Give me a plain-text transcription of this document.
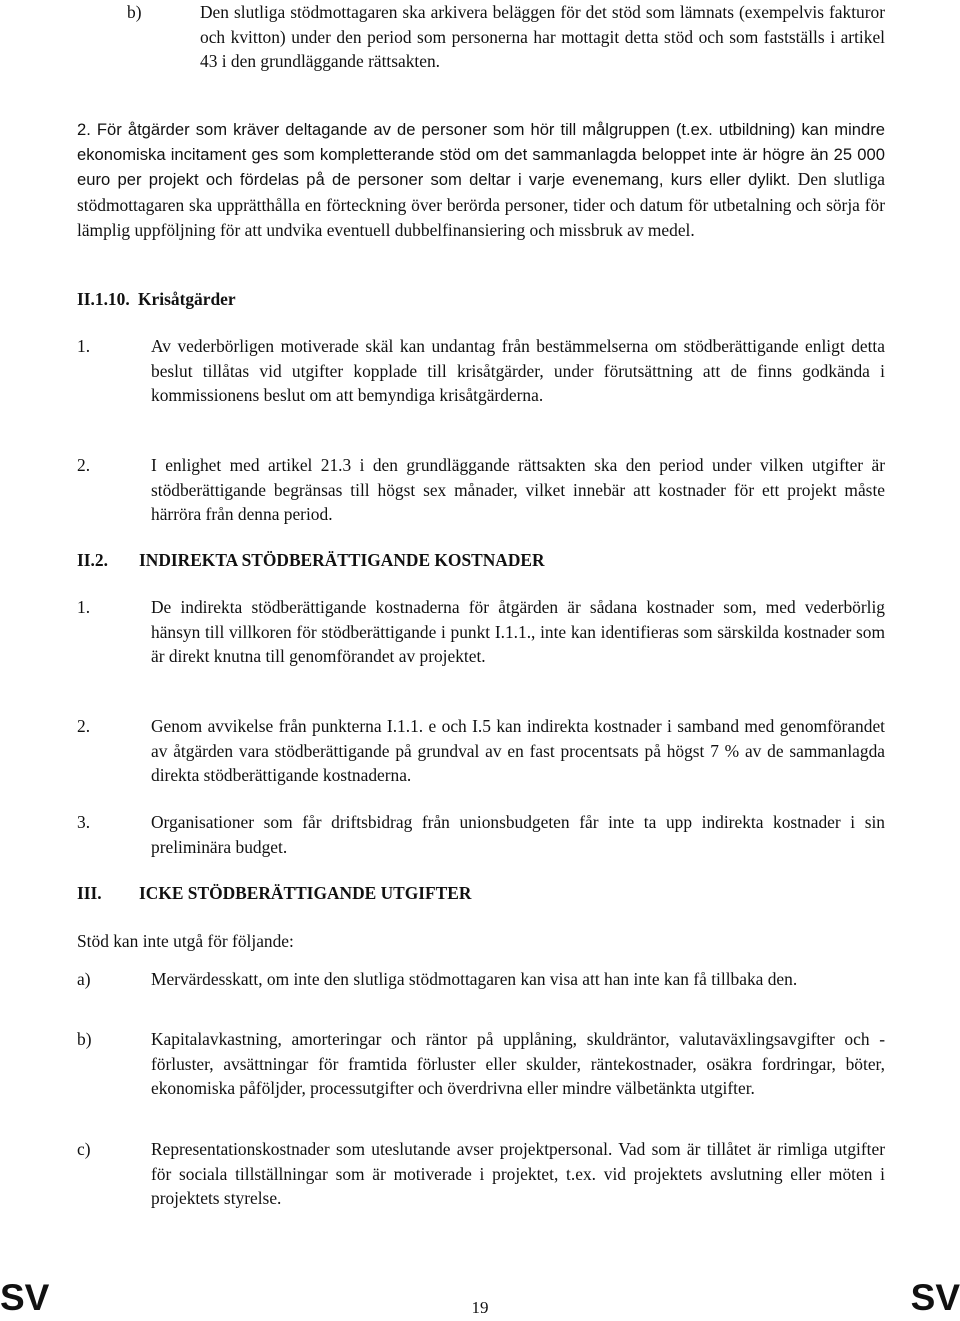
b)	Den slutliga stödmottagaren ska arkivera beläggen för det stöd som lämnats (exempelvis fakturor och kvitton) under den period som personerna har mottagit detta stöd och som fastställs i artikel 43 i den grundläggande rättsakten.
2. För åtgärder som kräver deltagande av de personer som hör till målgruppen (t.ex. utbildning) kan mindre ekonomiska incitament ges som kompletterande stöd om det sammanlagda beloppet inte är högre än 25 000 euro per projekt och fördelas på de personer som deltar i varje evenemang, kurs eller dylikt. Den slutliga stödmottagaren ska upprätthålla en förteckning över berörda personer, tider och datum för utbetalning och sörja för lämplig uppföljning för att undvika eventuell dubbelfinansiering och missbruk av medel.
II.1.10. Krisåtgärder
1.	Av vederbörligen motiverade skäl kan undantag från bestämmelserna om stödberättigande enligt detta beslut tillåtas vid utgifter kopplade till krisåtgärder, under förutsättning att de finns godkända i kommissionens beslut om att bemyndiga krisåtgärderna.
2.	I enlighet med artikel 21.3 i den grundläggande rättsakten ska den period under vilken utgifter är stödberättigande begränsas till högst sex månader, vilket innebär att kostnader för ett projekt måste härröra från denna period.
II.2. INDIREKTA STÖDBERÄTTIGANDE KOSTNADER
1.	De indirekta stödberättigande kostnaderna för åtgärden är sådana kostnader som, med vederbörlig hänsyn till villkoren för stödberättigande i punkt I.1.1., inte kan identifieras som särskilda kostnader som är direkt knutna till genomförandet av projektet.
2.	Genom avvikelse från punkterna I.1.1. e och I.5 kan indirekta kostnader i samband med genomförandet av åtgärden vara stödberättigande på grundval av en fast procentsats på högst 7 % av de sammanlagda direkta stödberättigande kostnaderna.
3.	Organisationer som får driftsbidrag från unionsbudgeten får inte ta upp indirekta kostnader i sin preliminära budget.
III. ICKE STÖDBERÄTTIGANDE UTGIFTER
Stöd kan inte utgå för följande:
a)	Mervärdesskatt, om inte den slutliga stödmottagaren kan visa att han inte kan få tillbaka den.
b)	Kapitalavkastning, amorteringar och räntor på upplåning, skuldräntor, valutaväxlingsavgifter och -förluster, avsättningar för framtida förluster eller skulder, räntekostnader, osäkra fordringar, böter, ekonomiska påföljder, processutgifter och överdrivna eller mindre välbetänkta utgifter.
c)	Representationskostnader som uteslutande avser projektpersonal. Vad som är tillåtet är rimliga utgifter för sociala tillställningar som är motiverade i projektet, t.ex. vid projektets avslutning eller möten i projektets styrelse.
SV	19	SV
